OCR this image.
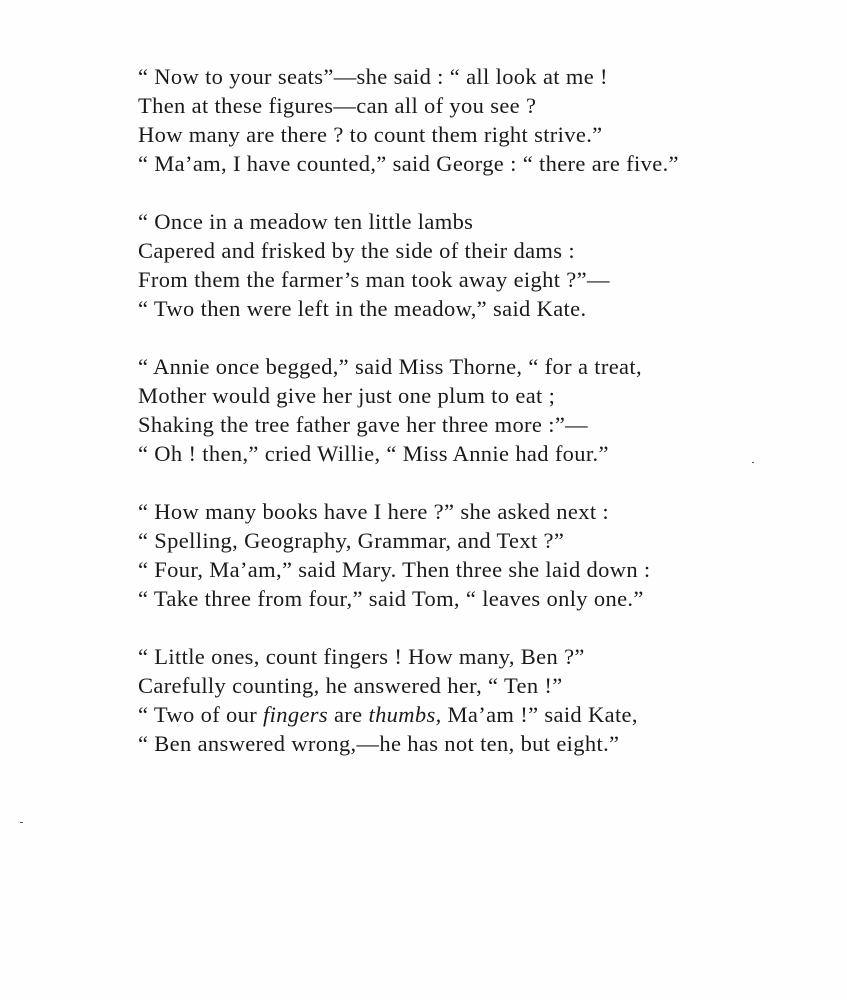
“ Now to your seats”—she said : “ all look at me !
Then at these figures—can all of you see ?
How many are there ? to count them right strive.”
“ Ma’am, I have counted,” said George : “ there are five.”
“ Once in a meadow ten little lambs
Capered and frisked by the side of their dams :
From them the farmer’s man took away eight ?”—
“ Two then were left in the meadow,” said Kate.
“ Annie once begged,” said Miss Thorne, “ for a treat,
Mother would give her just one plum to eat ;
Shaking the tree father gave her three more :”—
“ Oh ! then,” cried Willie, “ Miss Annie had four.”
“ How many books have I here ?” she asked next :
“ Spelling, Geography, Grammar, and Text ?”
“ Four, Ma’am,” said Mary. Then three she laid down :
“ Take three from four,” said Tom, “ leaves only one.”
“ Little ones, count fingers ! How many, Ben ?”
Carefully counting, he answered her, “ Ten !”
“ Two of our fingers are thumbs, Ma’am !” said Kate,
“ Ben answered wrong,—he has not ten, but eight.”
